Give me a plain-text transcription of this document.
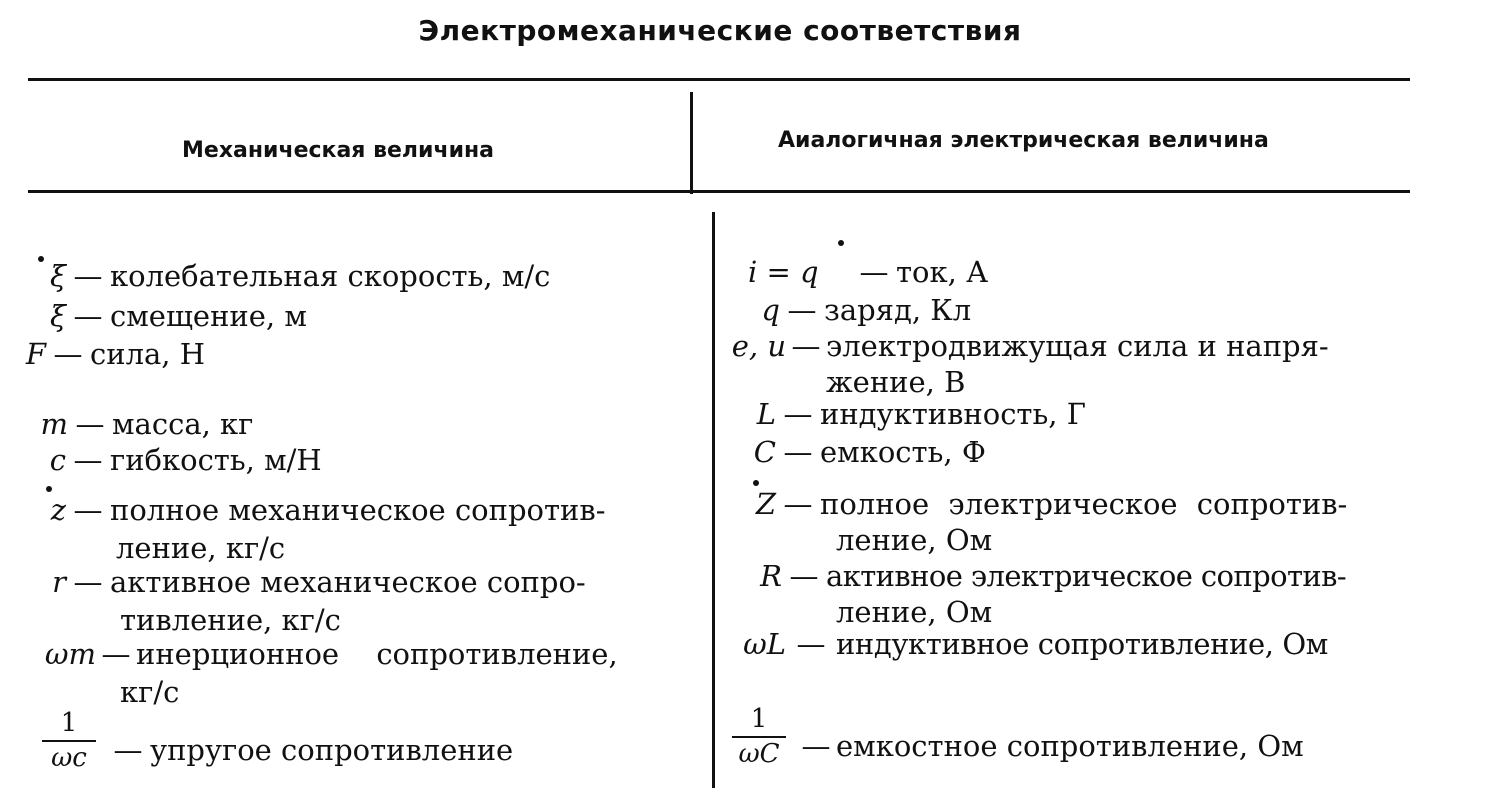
Электромеханические соответствия
Механическая величина	Аиалогичная электрическая величина
ξ — колебательная скорость, м/с
ξ — смещение, м
F — сила, Н
m — масса, кг
c — гибкость, м/Н
z — полное механическое сопротив-
ление, кг/с
r — активное механическое сопро-
тивление, кг/с
ωm — инерционное сопротивление,
кг/с
1
ωc — упругое сопротивление
i = q — ток, А
q — заряд, Кл
e, u — электродвижущая сила и напря-
жение, В
L — индуктивность, Г
C — емкость, Ф
Z — полное электрическое сопротив-
ление, Ом
R — активное электрическое сопротив-
ление, Ом
ωL — индуктивное сопротивление, Ом
1
ωC — емкостное сопротивление, Ом
